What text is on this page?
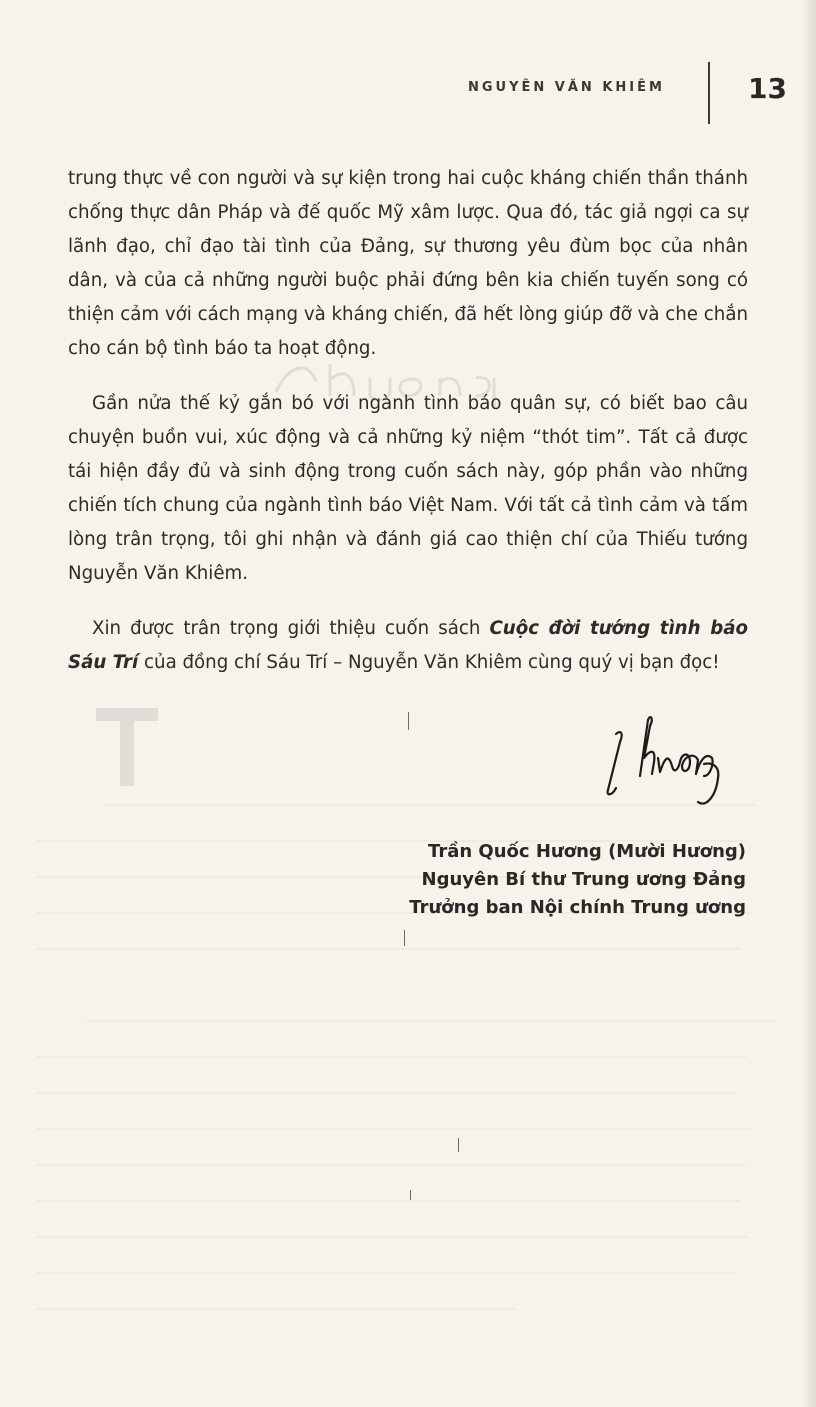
NGUYÊN VĂN KHIÊM	13

trung thực về con người và sự kiện trong hai cuộc kháng chiến thần thánh chống thực dân Pháp và đế quốc Mỹ xâm lược. Qua đó, tác giả ngợi ca sự lãnh đạo, chỉ đạo tài tình của Đảng, sự thương yêu đùm bọc của nhân dân, và của cả những người buộc phải đứng bên kia chiến tuyến song có thiện cảm với cách mạng và kháng chiến, đã hết lòng giúp đỡ và che chắn cho cán bộ tình báo ta hoạt động.

Gần nửa thế kỷ gắn bó với ngành tình báo quân sự, có biết bao câu chuyện buồn vui, xúc động và cả những kỷ niệm “thót tim”. Tất cả được tái hiện đầy đủ và sinh động trong cuốn sách này, góp phần vào những chiến tích chung của ngành tình báo Việt Nam. Với tất cả tình cảm và tấm lòng trân trọng, tôi ghi nhận và đánh giá cao thiện chí của Thiếu tướng Nguyễn Văn Khiêm.

Xin được trân trọng giới thiệu cuốn sách Cuộc đời tướng tình báo Sáu Trí của đồng chí Sáu Trí – Nguyễn Văn Khiêm cùng quý vị bạn đọc!

Trần Quốc Hương (Mười Hương)
Nguyên Bí thư Trung ương Đảng
Trưởng ban Nội chính Trung ương
